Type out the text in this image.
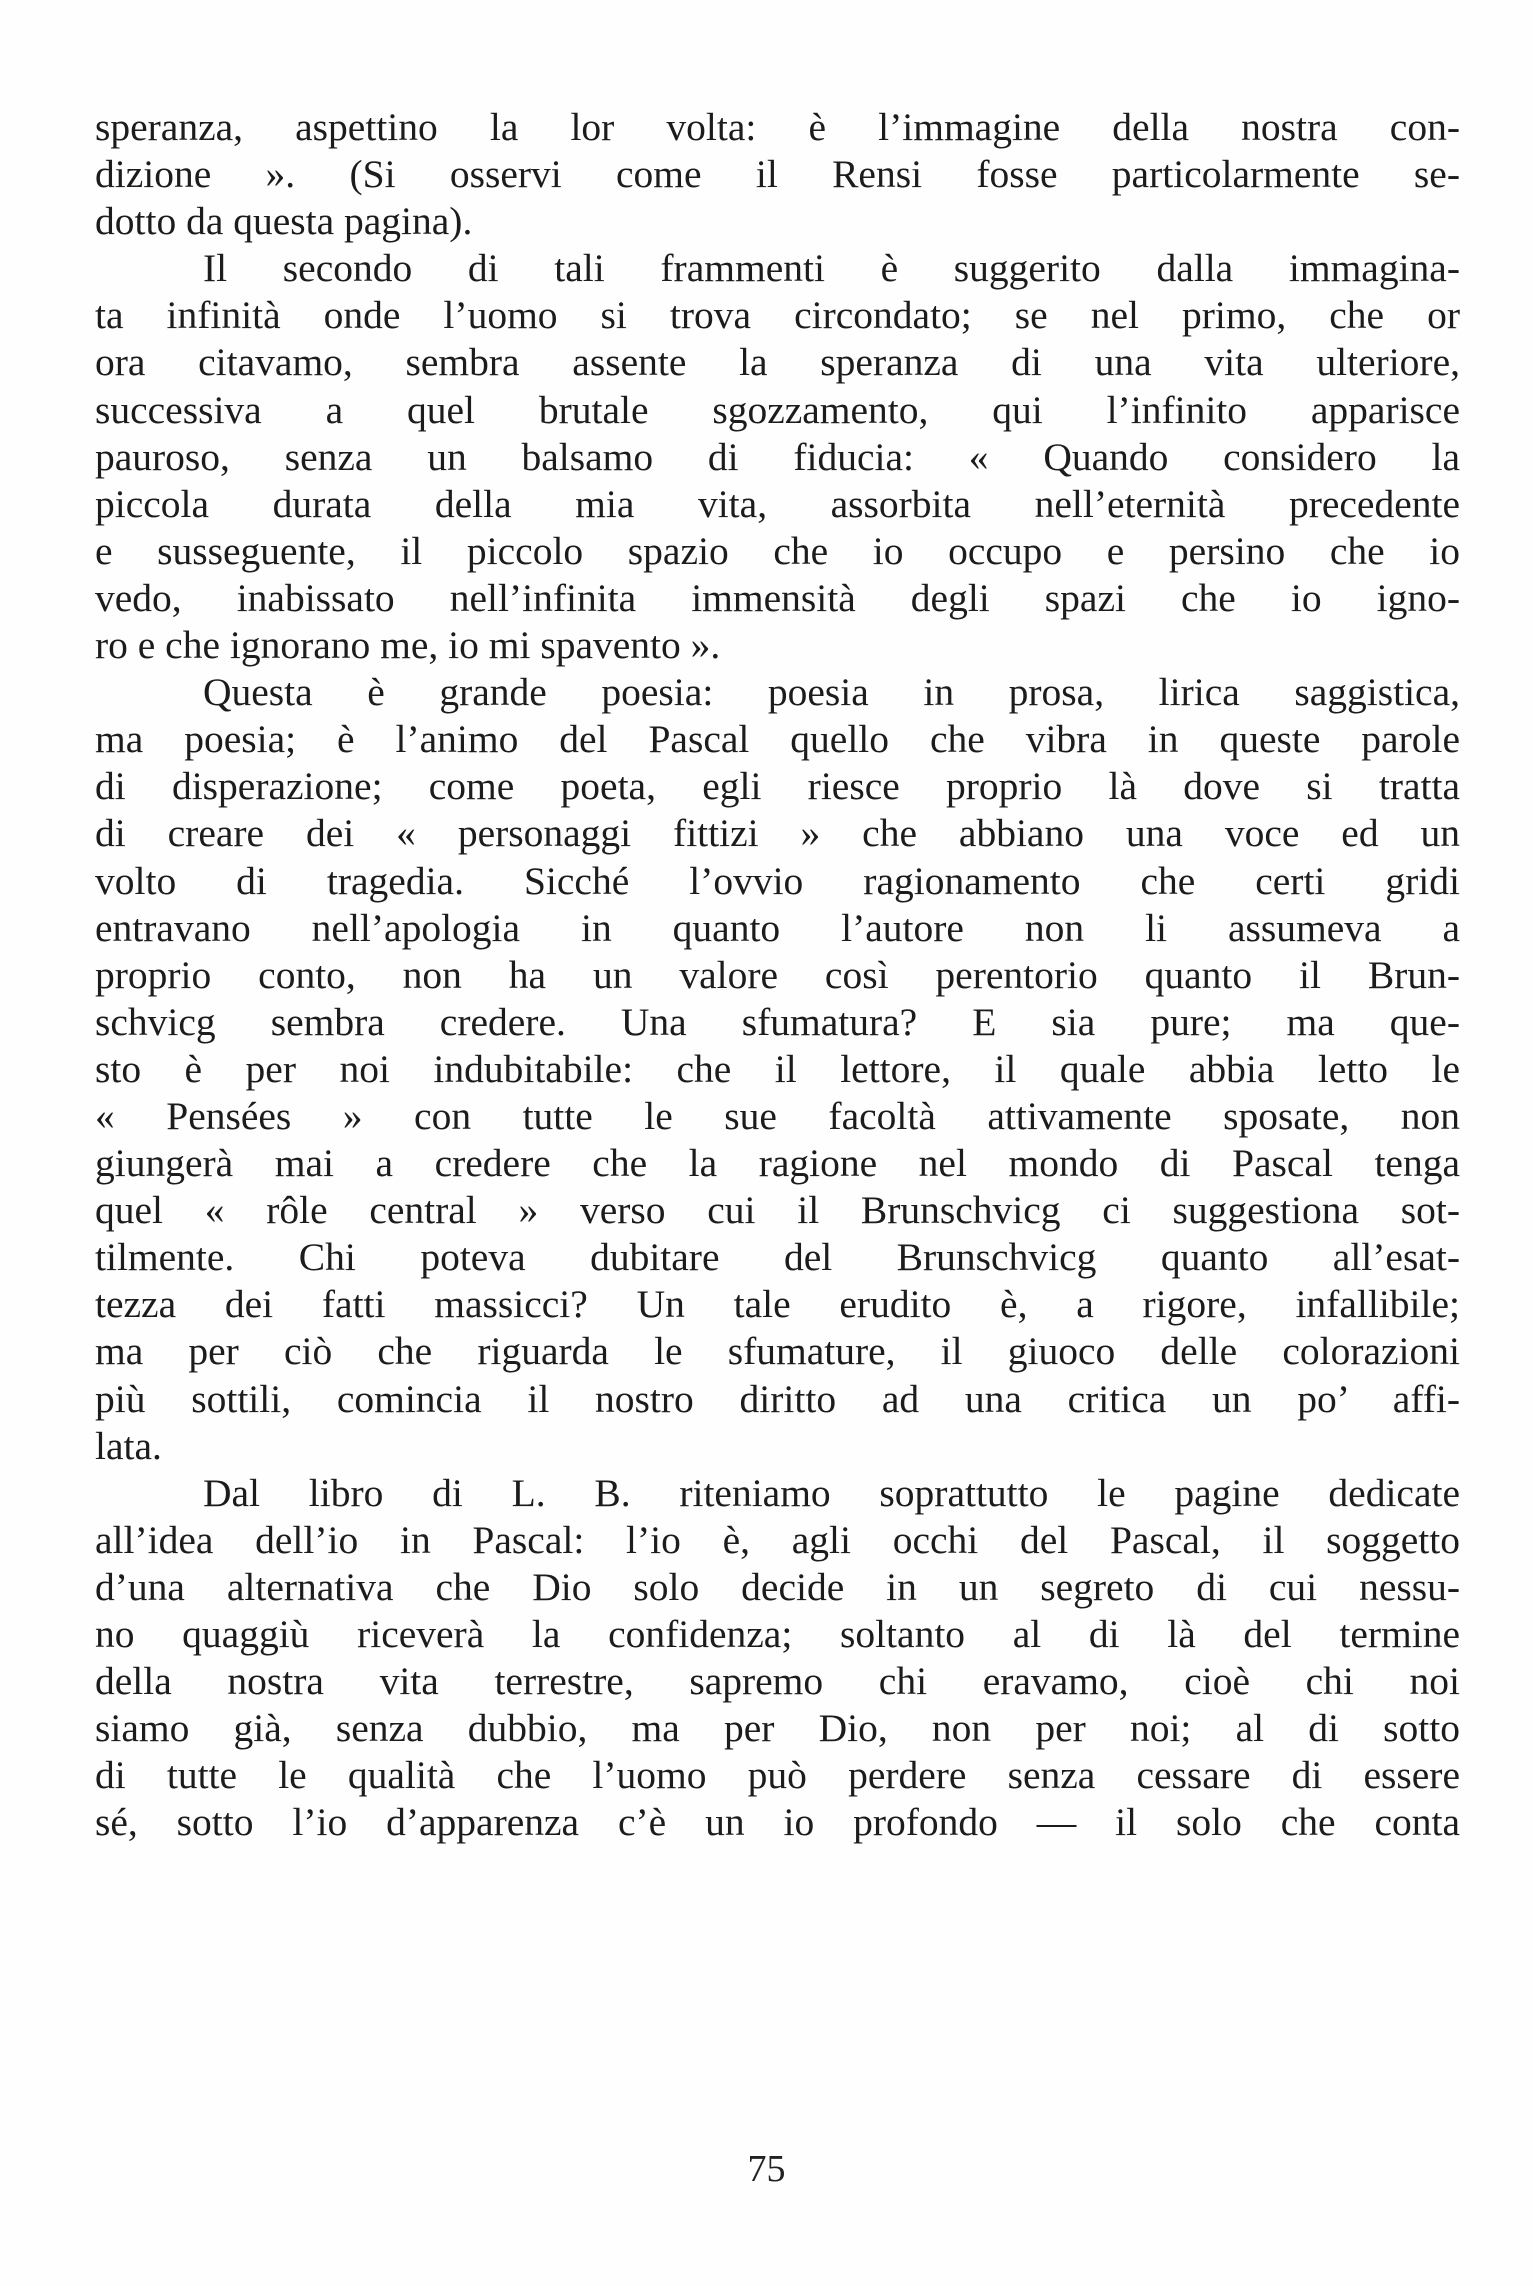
speranza, aspettino la lor volta: è l’immagine della nostra con-
dizione ». (Si osservi come il Rensi fosse particolarmente se-
dotto da questa pagina).
Il secondo di tali frammenti è suggerito dalla immagina-
ta infinità onde l’uomo si trova circondato; se nel primo, che or
ora citavamo, sembra assente la speranza di una vita ulteriore,
successiva a quel brutale sgozzamento, qui l’infinito apparisce
pauroso, senza un balsamo di fiducia: « Quando considero la
piccola durata della mia vita, assorbita nell’eternità precedente
e susseguente, il piccolo spazio che io occupo e persino che io
vedo, inabissato nell’infinita immensità degli spazi che io igno-
ro e che ignorano me, io mi spavento ».
Questa è grande poesia: poesia in prosa, lirica saggistica,
ma poesia; è l’animo del Pascal quello che vibra in queste parole
di disperazione; come poeta, egli riesce proprio là dove si tratta
di creare dei « personaggi fittizi » che abbiano una voce ed un
volto di tragedia. Sicché l’ovvio ragionamento che certi gridi
entravano nell’apologia in quanto l’autore non li assumeva a
proprio conto, non ha un valore così perentorio quanto il Brun-
schvicg sembra credere. Una sfumatura? E sia pure; ma que-
sto è per noi indubitabile: che il lettore, il quale abbia letto le
« Pensées » con tutte le sue facoltà attivamente sposate, non
giungerà mai a credere che la ragione nel mondo di Pascal tenga
quel « rôle central » verso cui il Brunschvicg ci suggestiona sot-
tilmente. Chi poteva dubitare del Brunschvicg quanto all’esat-
tezza dei fatti massicci? Un tale erudito è, a rigore, infallibile;
ma per ciò che riguarda le sfumature, il giuoco delle colorazioni
più sottili, comincia il nostro diritto ad una critica un po’ affi-
lata.
Dal libro di L. B. riteniamo soprattutto le pagine dedicate
all’idea dell’io in Pascal: l’io è, agli occhi del Pascal, il soggetto
d’una alternativa che Dio solo decide in un segreto di cui nessu-
no quaggiù riceverà la confidenza; soltanto al di là del termine
della nostra vita terrestre, sapremo chi eravamo, cioè chi noi
siamo già, senza dubbio, ma per Dio, non per noi; al di sotto
di tutte le qualità che l’uomo può perdere senza cessare di essere
sé, sotto l’io d’apparenza c’è un io profondo — il solo che conta
75
